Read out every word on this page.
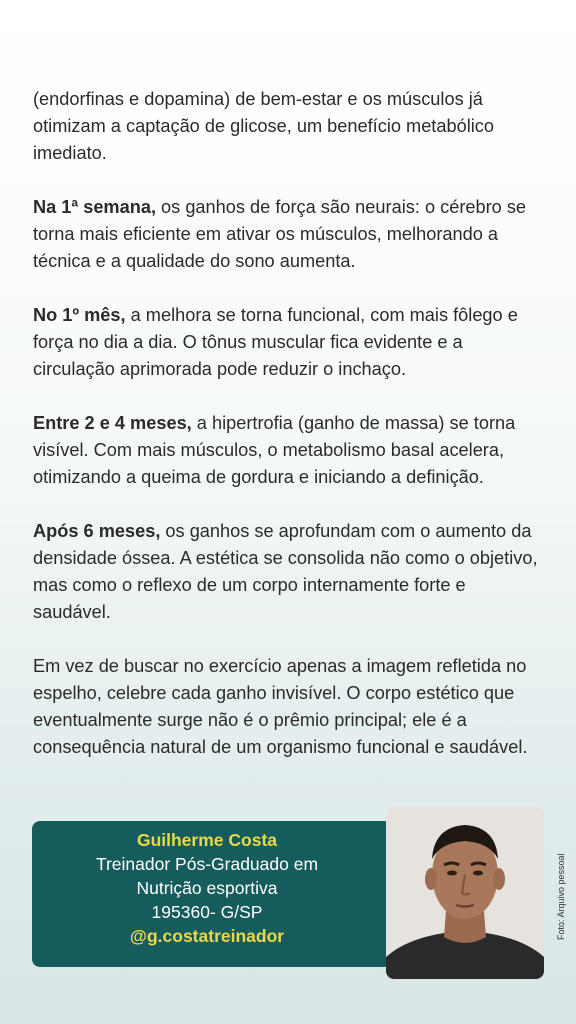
(endorfinas e dopamina) de bem-estar e os músculos já otimizam a captação de glicose, um benefício metabólico imediato.

Na 1ª semana, os ganhos de força são neurais: o cérebro se torna mais eficiente em ativar os músculos, melhorando a técnica e a qualidade do sono aumenta.

No 1º mês, a melhora se torna funcional, com mais fôlego e força no dia a dia. O tônus muscular fica evidente e a circulação aprimorada pode reduzir o inchaço.

Entre 2 e 4 meses, a hipertrofia (ganho de massa) se torna visível. Com mais músculos, o metabolismo basal acelera, otimizando a queima de gordura e iniciando a definição.

Após 6 meses, os ganhos se aprofundam com o aumento da densidade óssea. A estética se consolida não como o objetivo, mas como o reflexo de um corpo internamente forte e saudável.

Em vez de buscar no exercício apenas a imagem refletida no espelho, celebre cada ganho invisível. O corpo estético que eventualmente surge não é o prêmio principal; ele é a consequência natural de um organismo funcional e saudável.

Guilherme Costa
Treinador Pós-Graduado em
Nutrição esportiva
195360- G/SP
@g.costatreinador	Foto: Arquivo pessoal
